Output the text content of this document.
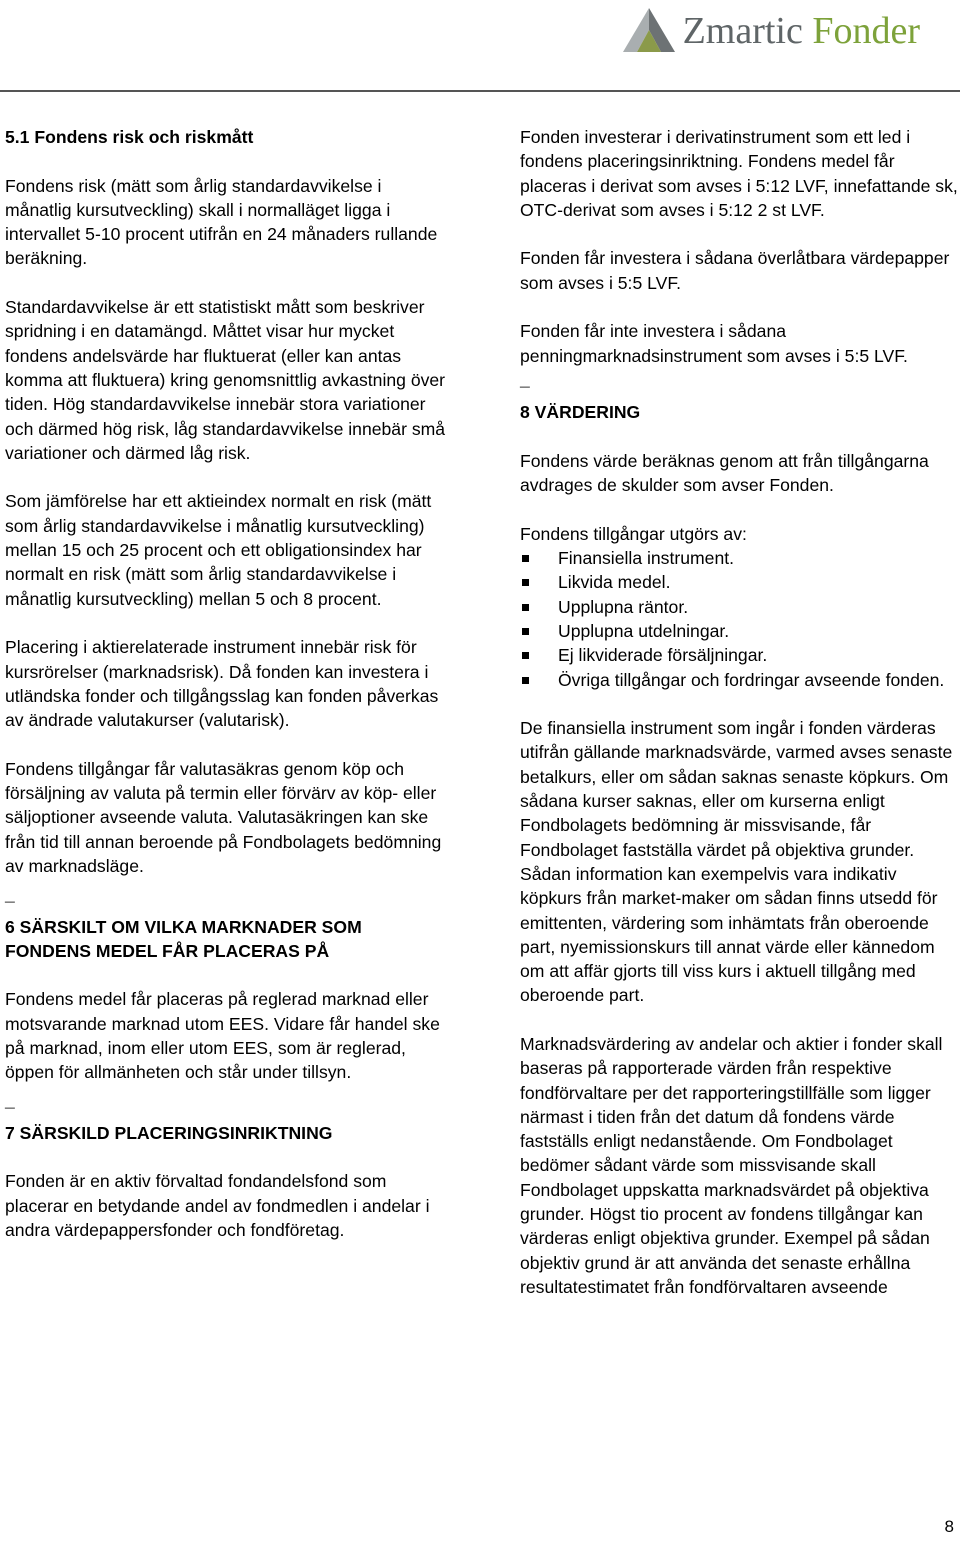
Zmartic Fonder
5.1 Fondens risk och riskmått

Fondens risk (mätt som årlig standardavvikelse i månatlig kursutveckling) skall i normalläget ligga i intervallet 5-10 procent utifrån en 24 månaders rullande beräkning.

Standardavvikelse är ett statistiskt mått som beskriver spridning i en datamängd. Måttet visar hur mycket fondens andelsvärde har fluktuerat (eller kan antas komma att fluktuera) kring genomsnittlig avkastning över tiden. Hög standardavvikelse innebär stora variationer och därmed hög risk, låg standardavvikelse innebär små variationer och därmed låg risk.

Som jämförelse har ett aktieindex normalt en risk (mätt som årlig standardavvikelse i månatlig kursutveckling) mellan 15 och 25 procent och ett obligationsindex har normalt en risk (mätt som årlig standardavvikelse i månatlig kursutveckling) mellan 5 och 8 procent.

Placering i aktierelaterade instrument innebär risk för kursrörelser (marknadsrisk). Då fonden kan investera i utländska fonder och tillgångsslag kan fonden påverkas av ändrade valutakurser (valutarisk).

Fondens tillgångar får valutasäkras genom köp och försäljning av valuta på termin eller förvärv av köp- eller säljoptioner avseende valuta. Valutasäkringen kan ske från tid till annan beroende på Fondbolagets bedömning av marknadsläge.

¯
6 SÄRSKILT OM VILKA MARKNADER SOM FONDENS MEDEL FÅR PLACERAS PÅ

Fondens medel får placeras på reglerad marknad eller motsvarande marknad utom EES. Vidare får handel ske på marknad, inom eller utom EES, som är reglerad, öppen för allmänheten och står under tillsyn.

¯
7 SÄRSKILD PLACERINGSINRIKTNING

Fonden är en aktiv förvaltad fondandelsfond som placerar en betydande andel av fondmedlen i andelar i andra värdepappersfonder och fondföretag.

Fonden investerar i derivatinstrument som ett led i fondens placeringsinriktning. Fondens medel får placeras i derivat som avses i 5:12 LVF, innefattande sk, OTC-derivat som avses i 5:12 2 st LVF.

Fonden får investera i sådana överlåtbara värdepapper som avses i 5:5 LVF.

Fonden får inte investera i sådana penningmarknadsinstrument som avses i 5:5 LVF.

¯
8 VÄRDERING

Fondens värde beräknas genom att från tillgångarna avdrages de skulder som avser Fonden.

Fondens tillgångar utgörs av:

Finansiella instrument.
Likvida medel.
Upplupna räntor.
Upplupna utdelningar.
Ej likviderade försäljningar.
Övriga tillgångar och fordringar avseende fonden.

De finansiella instrument som ingår i fonden värderas utifrån gällande marknadsvärde, varmed avses senaste betalkurs, eller om sådan saknas senaste köpkurs. Om sådana kurser saknas, eller om kurserna enligt Fondbolagets bedömning är missvisande, får Fondbolaget fastställa värdet på objektiva grunder. Sådan information kan exempelvis vara indikativ köpkurs från market-maker om sådan finns utsedd för emittenten, värdering som inhämtats från oberoende part, nyemissionskurs till annat värde eller kännedom om att affär gjorts till viss kurs i aktuell tillgång med oberoende part.

Marknadsvärdering av andelar och aktier i fonder skall baseras på rapporterade värden från respektive fondförvaltare per det rapporteringstillfälle som ligger närmast i tiden från det datum då fondens värde fastställs enligt nedanstående. Om Fondbolaget bedömer sådant värde som missvisande skall Fondbolaget uppskatta marknadsvärdet på objektiva grunder. Högst tio procent av fondens tillgångar kan värderas enligt objektiva grunder. Exempel på sådan objektiv grund är att använda det senaste erhållna resultatestimatet från fondförvaltaren avseende

8
